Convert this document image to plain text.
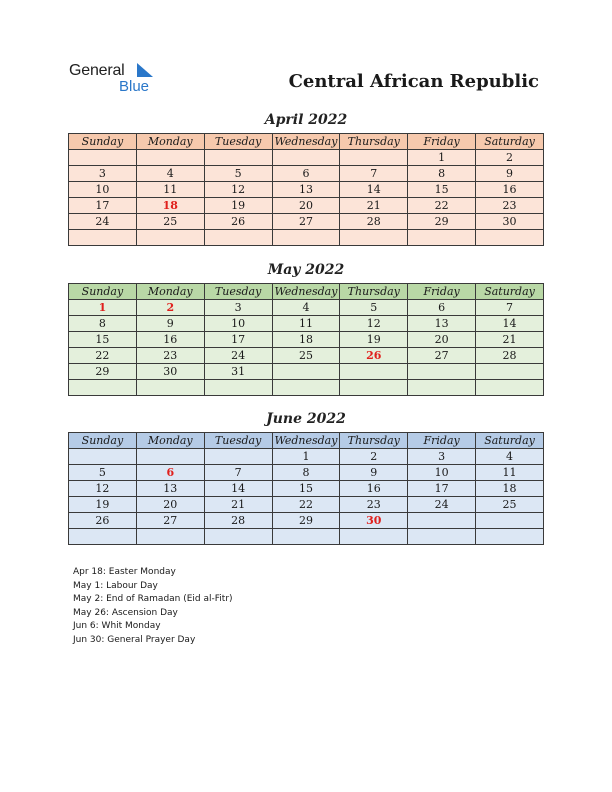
General
Blue	Central African Republic
April 2022
Sunday	Monday	Tuesday	Wednesday	Thursday	Friday	Saturday
					1	2
3	4	5	6	7	8	9
10	11	12	13	14	15	16
17	18	19	20	21	22	23
24	25	26	27	28	29	30

May 2022
Sunday	Monday	Tuesday	Wednesday	Thursday	Friday	Saturday
1	2	3	4	5	6	7
8	9	10	11	12	13	14
15	16	17	18	19	20	21
22	23	24	25	26	27	28
29	30	31				

June 2022
Sunday	Monday	Tuesday	Wednesday	Thursday	Friday	Saturday
			1	2	3	4
5	6	7	8	9	10	11
12	13	14	15	16	17	18
19	20	21	22	23	24	25
26	27	28	29	30		

Apr 18: Easter Monday
May 1: Labour Day
May 2: End of Ramadan (Eid al-Fitr)
May 26: Ascension Day
Jun 6: Whit Monday
Jun 30: General Prayer Day
